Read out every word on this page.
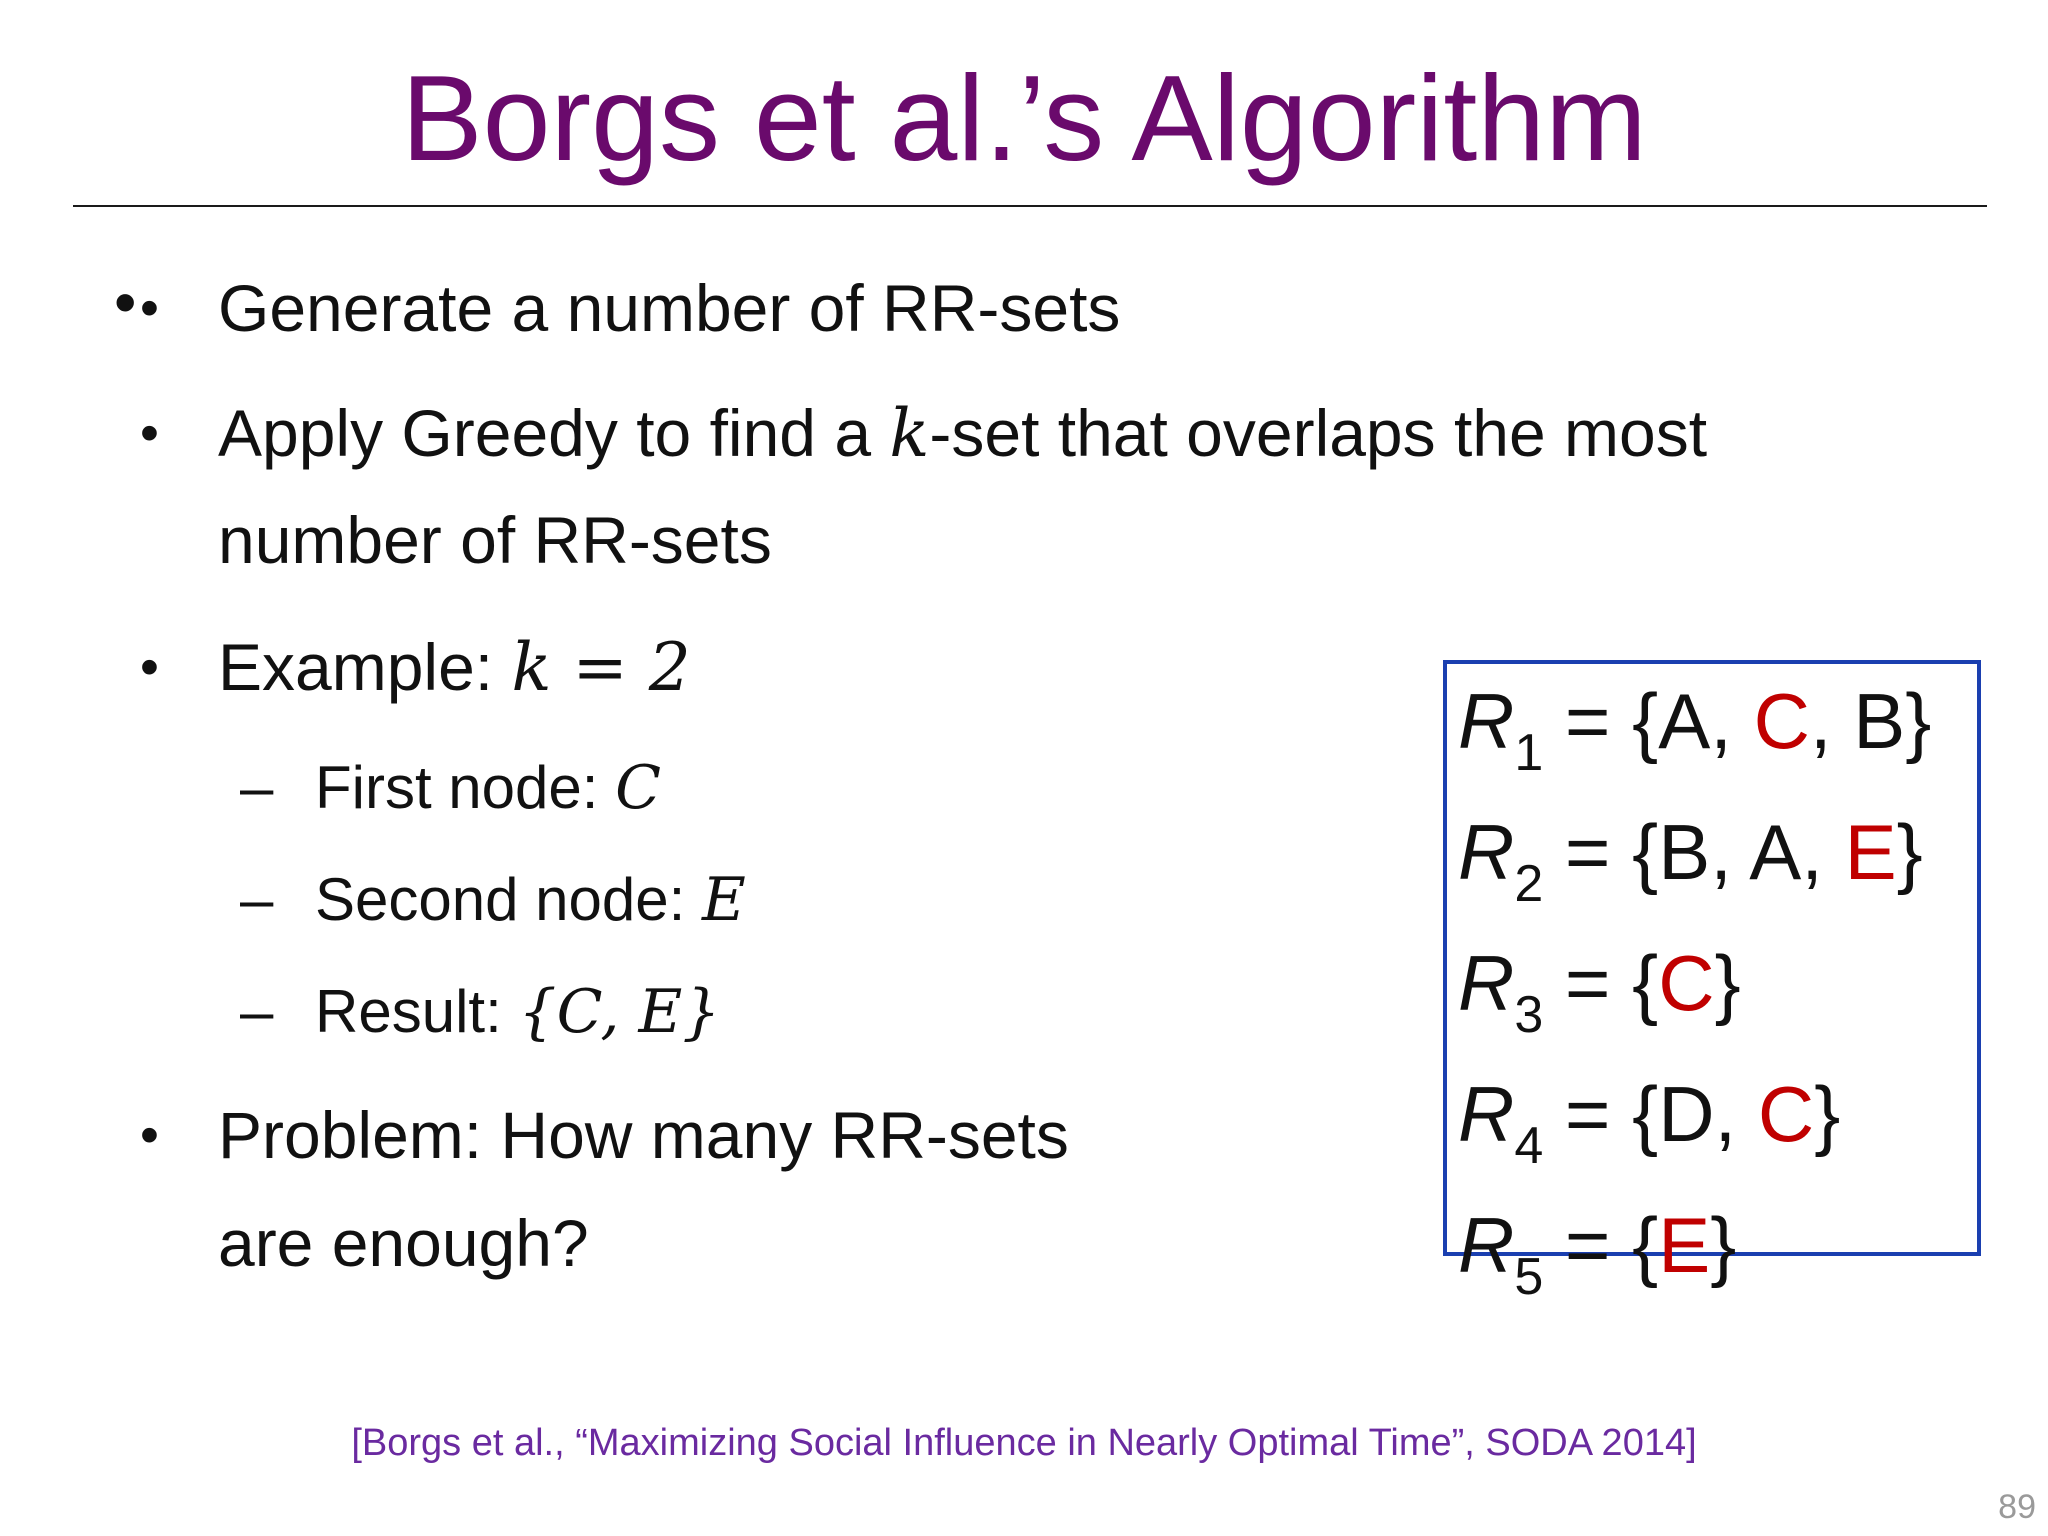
Borgs et al.’s Algorithm
• • Generate a number of RR-sets
• Apply Greedy to find a k-set that overlaps the most
number of RR-sets
• Example: k = 2
– First node: C
– Second node: E
– Result: {C, E}
• Problem: How many RR-sets
are enough?
$R_1 = \{A$, C, B}
$R_2 = \{B$, A, E}
$R_3 = \{C\}$
$R_4 = \{D$, C}
$R_5 = \{E\}$
[Borgs et al., “Maximizing Social Influence in Nearly Optimal Time”, SODA 2014]
89
